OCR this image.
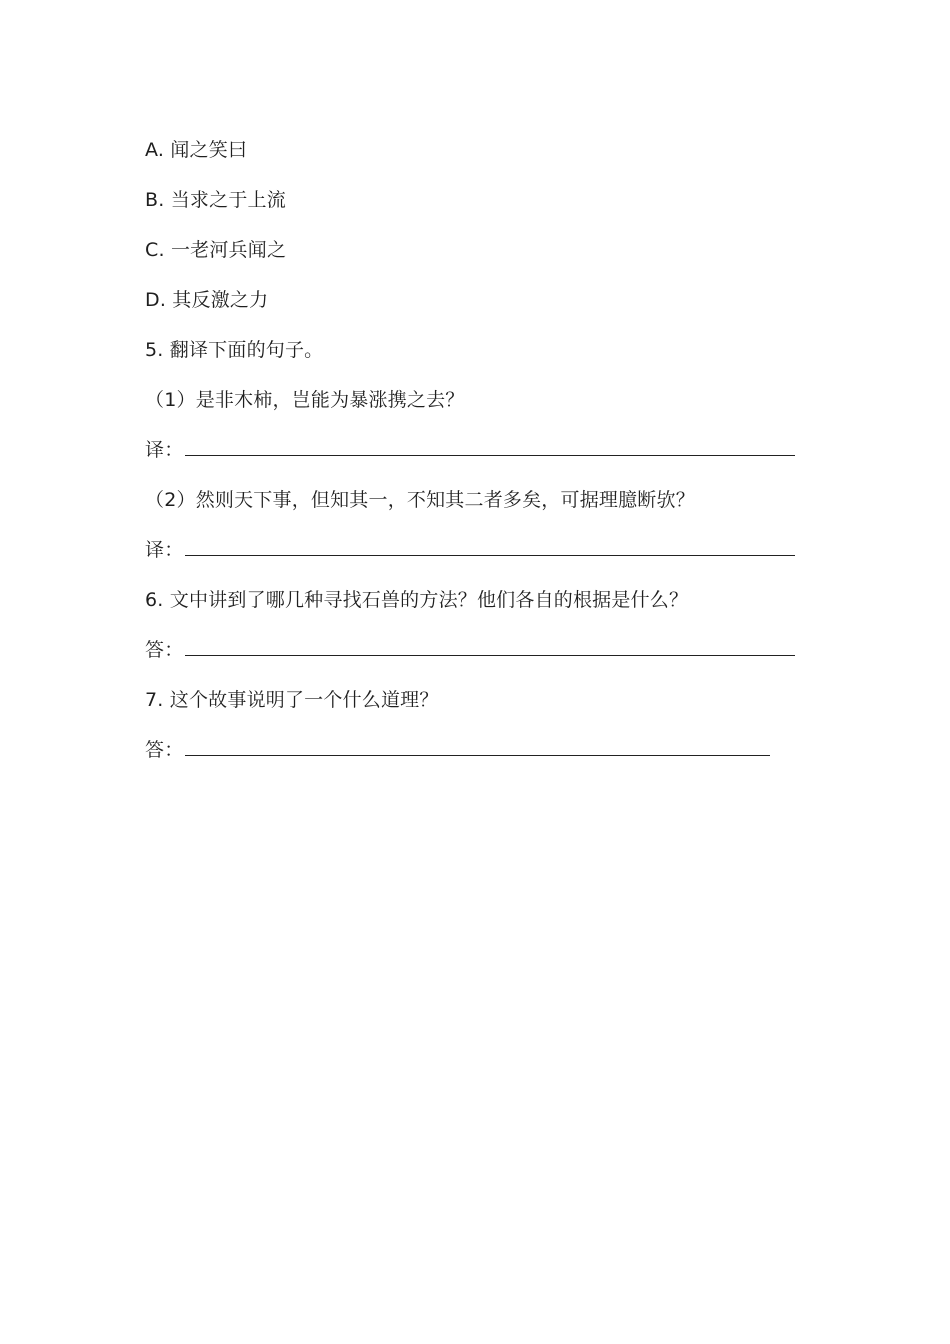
A. 闻之笑曰
B. 当求之于上流
C. 一老河兵闻之
D. 其反激之力
5. 翻译下面的句子。
（1）是非木柿，岂能为暴涨携之去？
译：
（2）然则天下事，但知其一，不知其二者多矣，可据理臆断欤？
译：
6. 文中讲到了哪几种寻找石兽的方法？他们各自的根据是什么？
答：
7. 这个故事说明了一个什么道理？
答：
